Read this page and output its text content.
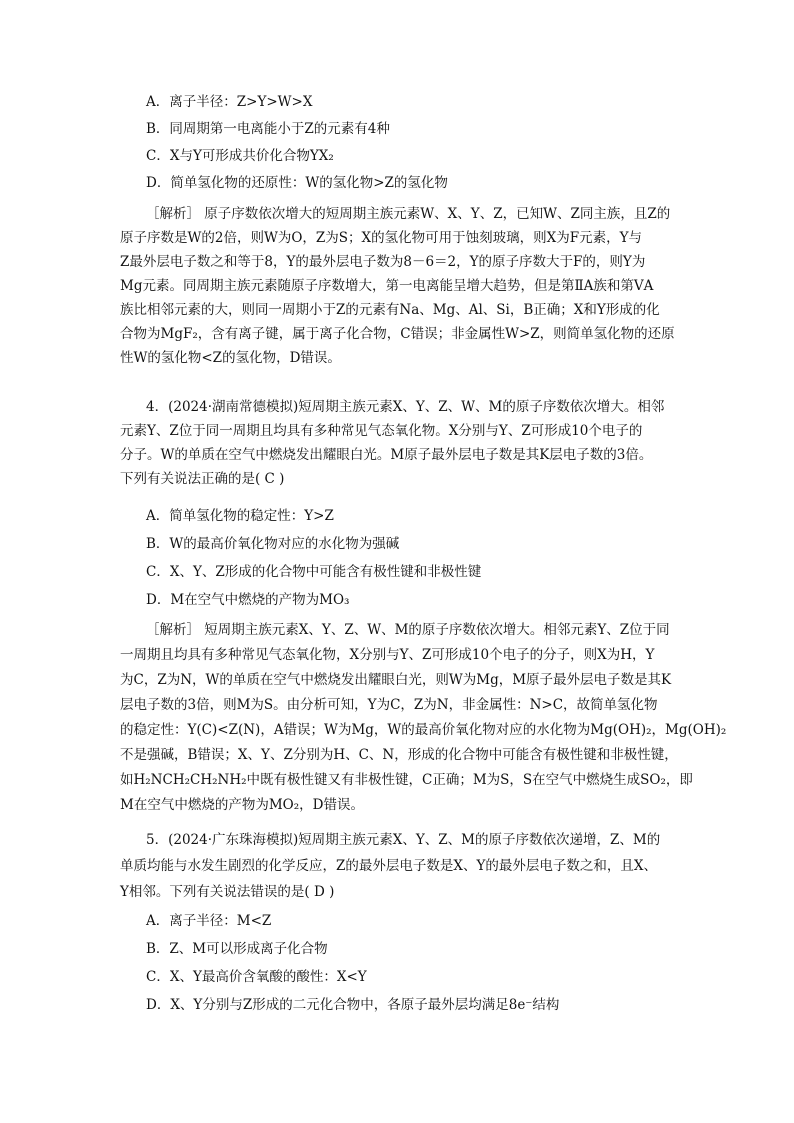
A．离子半径：Z>Y>W>X
B．同周期第一电离能小于Z的元素有4种
C．X与Y可形成共价化合物YX₂
D．简单氢化物的还原性：W的氢化物>Z的氢化物
［解析］ 原子序数依次增大的短周期主族元素W、X、Y、Z，已知W、Z同主族，且Z的
原子序数是W的2倍，则W为O，Z为S；X的氢化物可用于蚀刻玻璃，则X为F元素，Y与
Z最外层电子数之和等于8，Y的最外层电子数为8－6＝2，Y的原子序数大于F的，则Y为
Mg元素。同周期主族元素随原子序数增大，第一电离能呈增大趋势，但是第ⅡA族和第ⅤA
族比相邻元素的大，则同一周期小于Z的元素有Na、Mg、Al、Si，B正确；X和Y形成的化
合物为MgF₂，含有离子键，属于离子化合物，C错误；非金属性W>Z，则简单氢化物的还原
性W的氢化物<Z的氢化物，D错误。
4．(2024·湖南常德模拟)短周期主族元素X、Y、Z、W、M的原子序数依次增大。相邻
元素Y、Z位于同一周期且均具有多种常见气态氧化物。X分别与Y、Z可形成10个电子的
分子。W的单质在空气中燃烧发出耀眼白光。M原子最外层电子数是其K层电子数的3倍。
下列有关说法正确的是( C )
A．简单氢化物的稳定性：Y>Z
B．W的最高价氧化物对应的水化物为强碱
C．X、Y、Z形成的化合物中可能含有极性键和非极性键
D．M在空气中燃烧的产物为MO₃
［解析］ 短周期主族元素X、Y、Z、W、M的原子序数依次增大。相邻元素Y、Z位于同
一周期且均具有多种常见气态氧化物，X分别与Y、Z可形成10个电子的分子，则X为H，Y
为C，Z为N，W的单质在空气中燃烧发出耀眼白光，则W为Mg，M原子最外层电子数是其K
层电子数的3倍，则M为S。由分析可知，Y为C，Z为N，非金属性：N>C，故简单氢化物
的稳定性：Y(C)<Z(N)，A错误；W为Mg，W的最高价氧化物对应的水化物为Mg(OH)₂，Mg(OH)₂
不是强碱，B错误；X、Y、Z分别为H、C、N，形成的化合物中可能含有极性键和非极性键，
如H₂NCH₂CH₂NH₂中既有极性键又有非极性键，C正确；M为S，S在空气中燃烧生成SO₂，即
M在空气中燃烧的产物为MO₂，D错误。
5．(2024·广东珠海模拟)短周期主族元素X、Y、Z、M的原子序数依次递增，Z、M的
单质均能与水发生剧烈的化学反应，Z的最外层电子数是X、Y的最外层电子数之和，且X、
Y相邻。下列有关说法错误的是( D )
A．离子半径：M<Z
B．Z、M可以形成离子化合物
C．X、Y最高价含氧酸的酸性：X<Y
D．X、Y分别与Z形成的二元化合物中，各原子最外层均满足8e⁻结构
